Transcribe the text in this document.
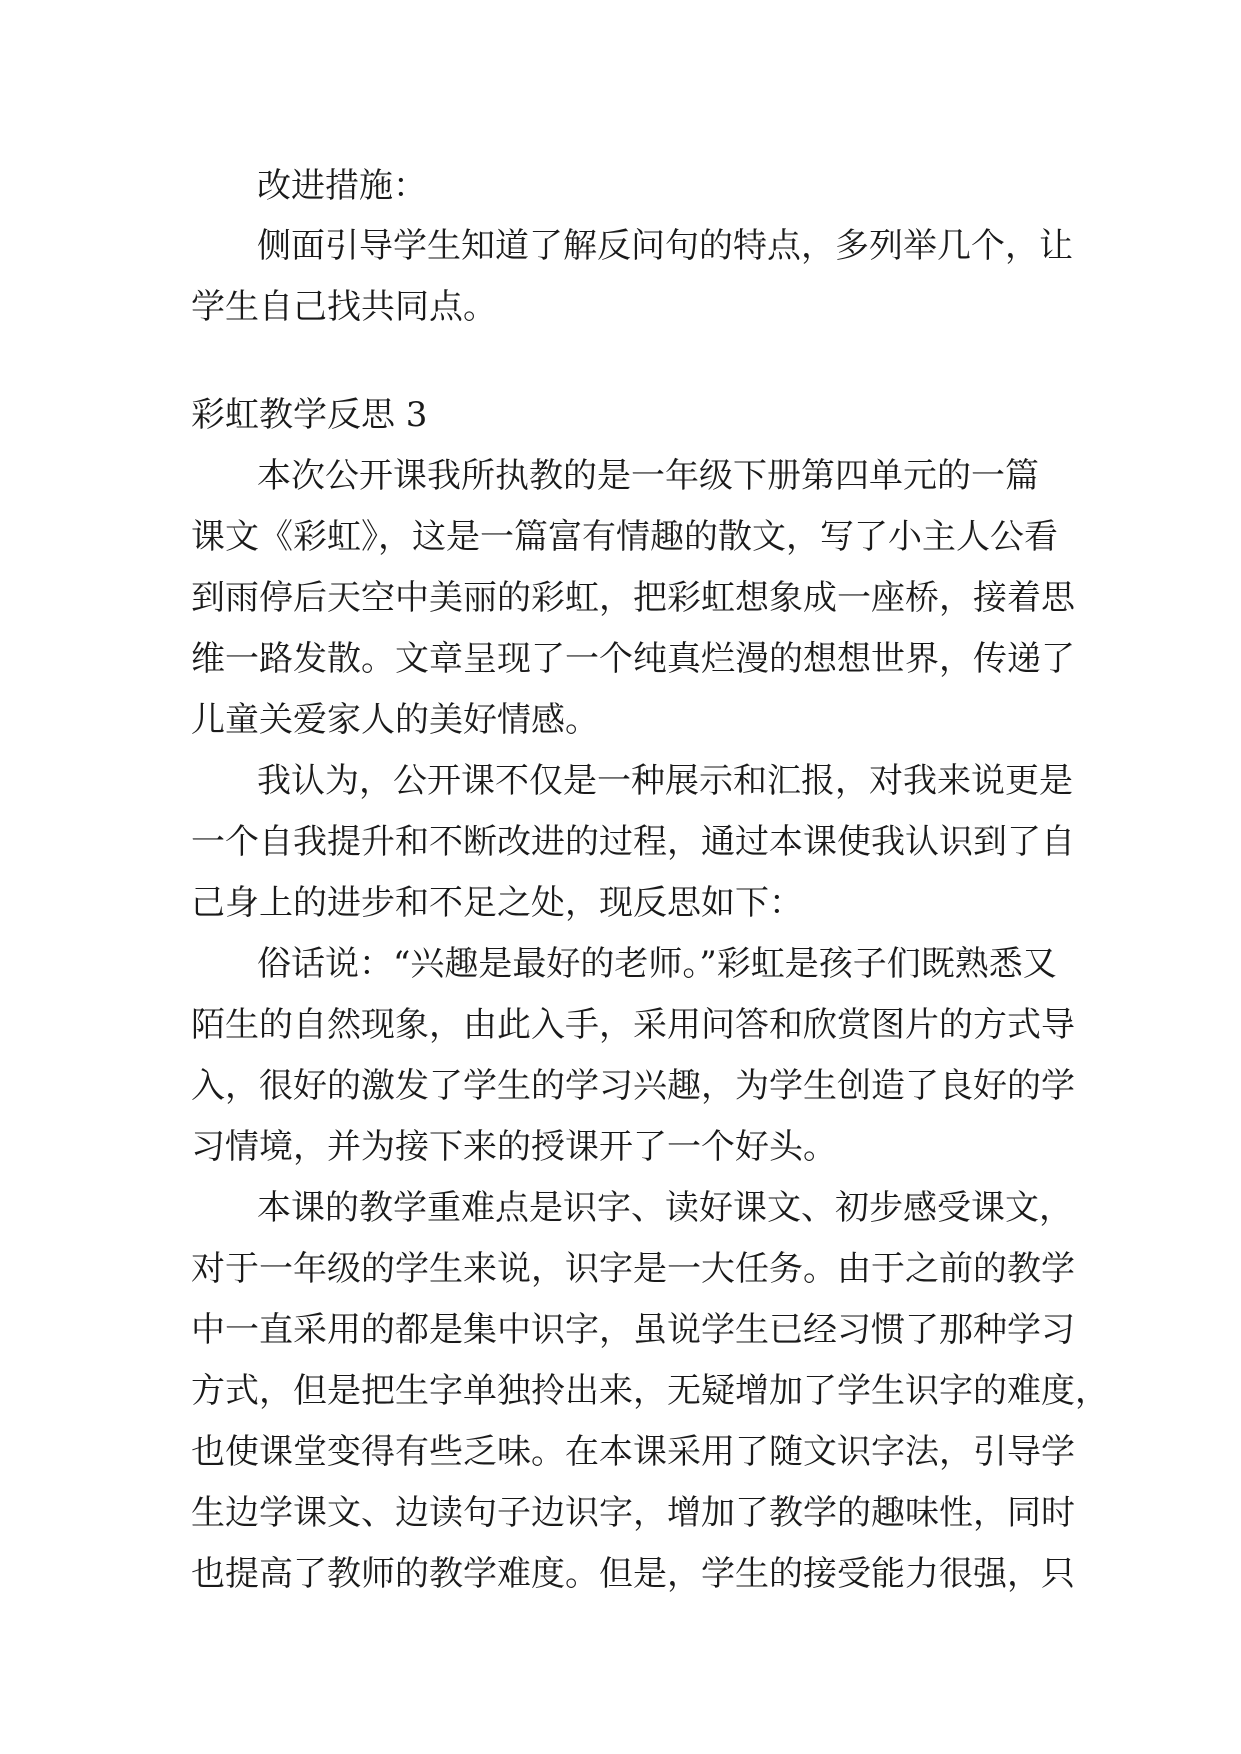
改进措施：

侧面引导学生知道了解反问句的特点，多列举几个，让
学生自己找共同点。

彩虹教学反思 3

本次公开课我所执教的是一年级下册第四单元的一篇
课文《彩虹》，这是一篇富有情趣的散文，写了小主人公看
到雨停后天空中美丽的彩虹，把彩虹想象成一座桥，接着思
维一路发散。文章呈现了一个纯真烂漫的想想世界，传递了
儿童关爱家人的美好情感。
我认为，公开课不仅是一种展示和汇报，对我来说更是
一个自我提升和不断改进的过程，通过本课使我认识到了自
己身上的进步和不足之处，现反思如下：
俗话说：“兴趣是最好的老师。”彩虹是孩子们既熟悉又
陌生的自然现象，由此入手，采用问答和欣赏图片的方式导
入，很好的激发了学生的学习兴趣，为学生创造了良好的学
习情境，并为接下来的授课开了一个好头。
本课的教学重难点是识字、读好课文、初步感受课文，
对于一年级的学生来说，识字是一大任务。由于之前的教学
中一直采用的都是集中识字，虽说学生已经习惯了那种学习
方式，但是把生字单独拎出来，无疑增加了学生识字的难度，
也使课堂变得有些乏味。在本课采用了随文识字法，引导学
生边学课文、边读句子边识字，增加了教学的趣味性，同时
也提高了教师的教学难度。但是，学生的接受能力很强，只
